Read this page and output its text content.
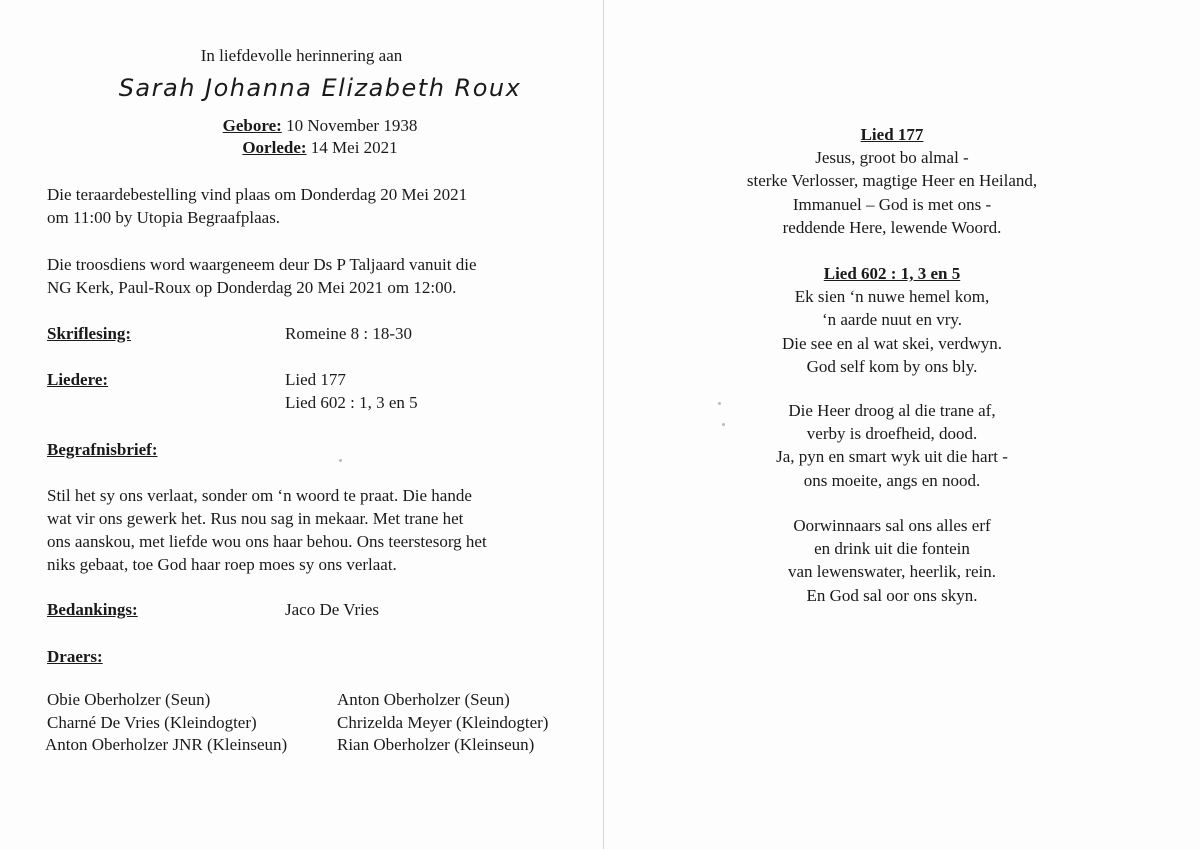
In liefdevolle herinnering aan
Sarah Johanna Elizabeth Roux
Gebore: 10 November 1938
Oorlede: 14 Mei 2021
Die teraardebestelling vind plaas om Donderdag 20 Mei 2021
om 11:00 by Utopia Begraafplaas.
Die troosdiens word waargeneem deur Ds P Taljaard vanuit die
NG Kerk, Paul-Roux op Donderdag 20 Mei 2021 om 12:00.
Skriflesing:	Romeine 8 : 18-30
Liedere:	Lied 177
Lied 602 : 1, 3 en 5
Begrafnisbrief:
Stil het sy ons verlaat, sonder om ‘n woord te praat. Die hande
wat vir ons gewerk het. Rus nou sag in mekaar. Met trane het
ons aanskou, met liefde wou ons haar behou. Ons teerstesorg het
niks gebaat, toe God haar roep moes sy ons verlaat.
Bedankings:	Jaco De Vries
Draers:
Obie Oberholzer (Seun)	Anton Oberholzer (Seun)
Charné De Vries (Kleindogter)	Chrizelda Meyer (Kleindogter)
Anton Oberholzer JNR (Kleinseun)	Rian Oberholzer (Kleinseun)
Lied 177
Jesus, groot bo almal -
sterke Verlosser, magtige Heer en Heiland,
Immanuel – God is met ons -
reddende Here, lewende Woord.
Lied 602 : 1, 3 en 5
Ek sien ‘n nuwe hemel kom,
‘n aarde nuut en vry.
Die see en al wat skei, verdwyn.
God self kom by ons bly.
Die Heer droog al die trane af,
verby is droefheid, dood.
Ja, pyn en smart wyk uit die hart -
ons moeite, angs en nood.
Oorwinnaars sal ons alles erf
en drink uit die fontein
van lewenswater, heerlik, rein.
En God sal oor ons skyn.
